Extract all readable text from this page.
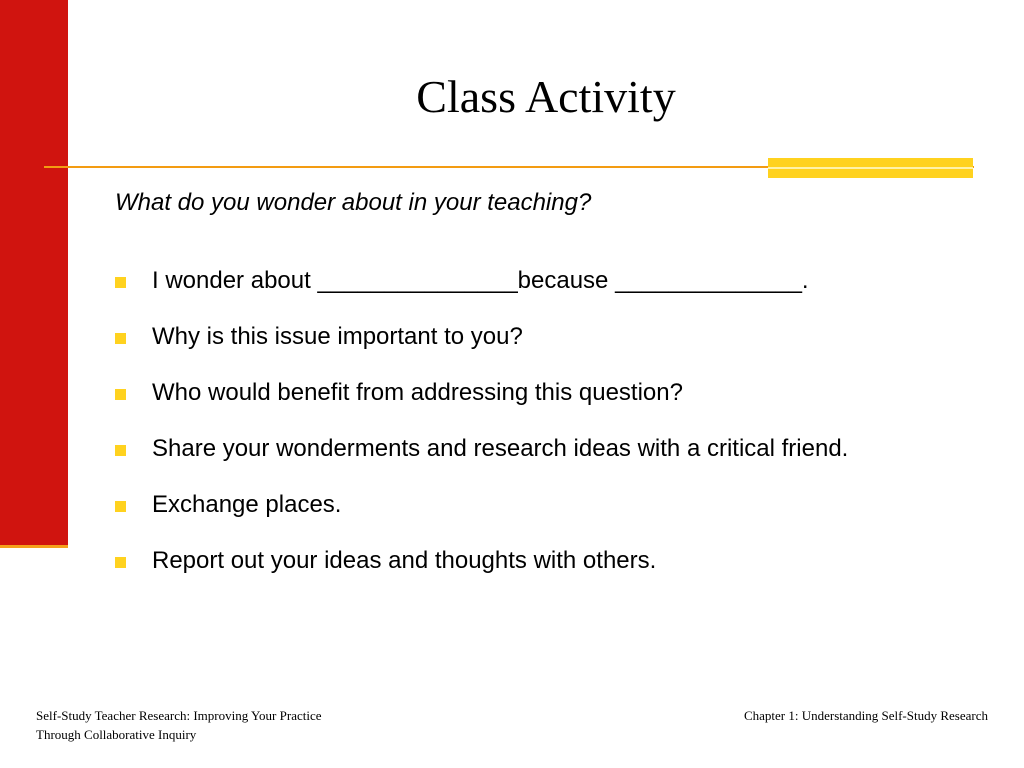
Class Activity
What do you wonder about in your teaching?
I wonder about _______________because ______________.
Why is this issue important to you?
Who would benefit from addressing this question?
Share your wonderments and research ideas with a critical friend.
Exchange places.
Report out your ideas and thoughts with others.
Self-Study Teacher Research: Improving Your Practice
Through Collaborative Inquiry
Chapter 1: Understanding Self-Study Research
